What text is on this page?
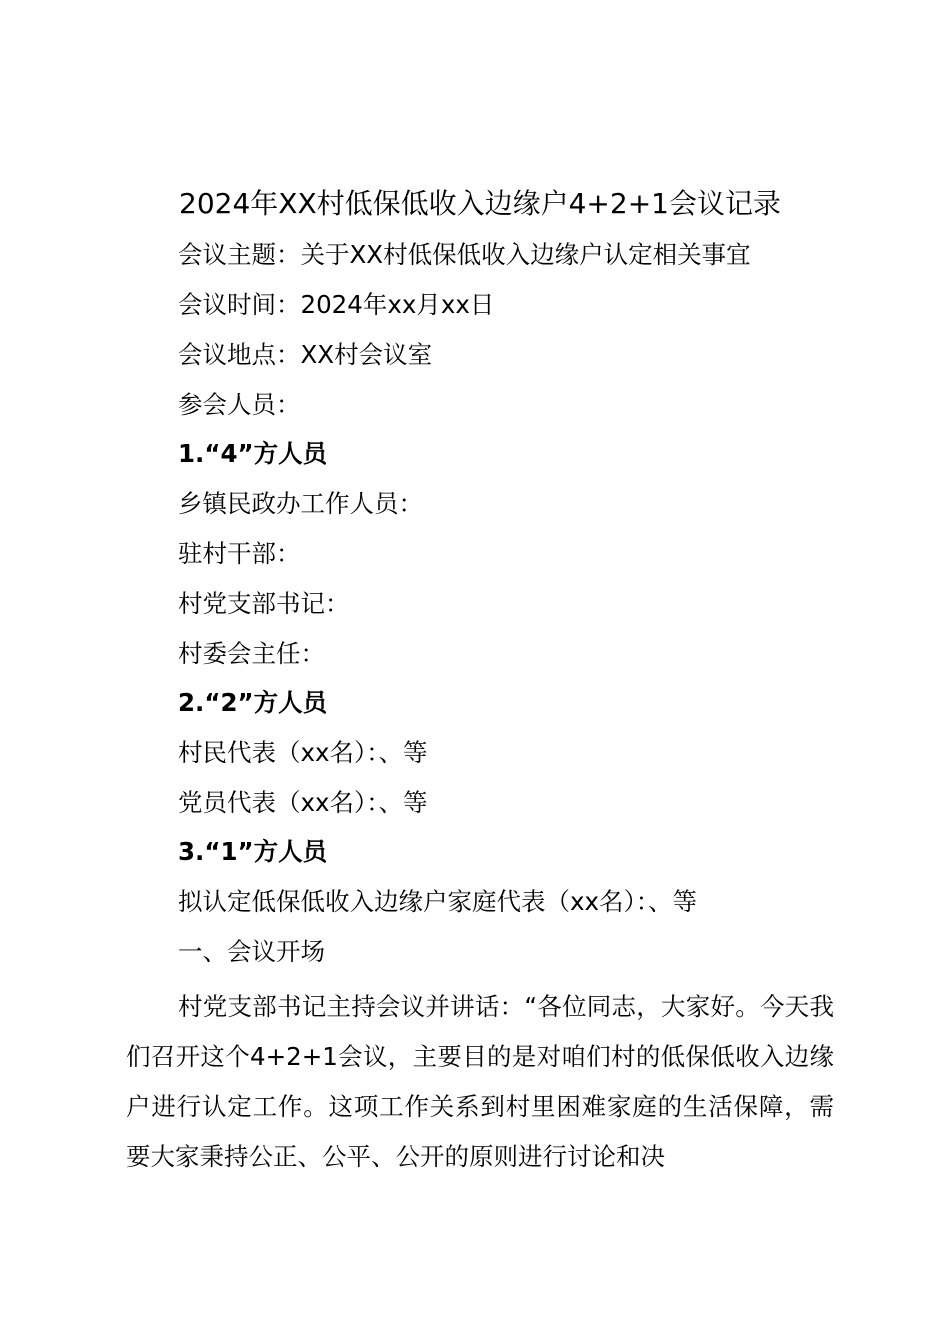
2024年XX村低保低收入边缘户4+2+1会议记录
会议主题：关于XX村低保低收入边缘户认定相关事宜
会议时间：2024年xx月xx日
会议地点：XX村会议室
参会人员：
1.“4”方人员
乡镇民政办工作人员：
驻村干部：
村党支部书记：
村委会主任：
2.“2”方人员
村民代表（xx名）：、等
党员代表（xx名）：、等
3.“1”方人员
拟认定低保低收入边缘户家庭代表（xx名）：、等
一、会议开场
村党支部书记主持会议并讲话：“各位同志，大家好。今天我们召开这个4+2+1会议，主要目的是对咱们村的低保低收入边缘户进行认定工作。这项工作关系到村里困难家庭的生活保障，需要大家秉持公正、公平、公开的原则进行讨论和决
